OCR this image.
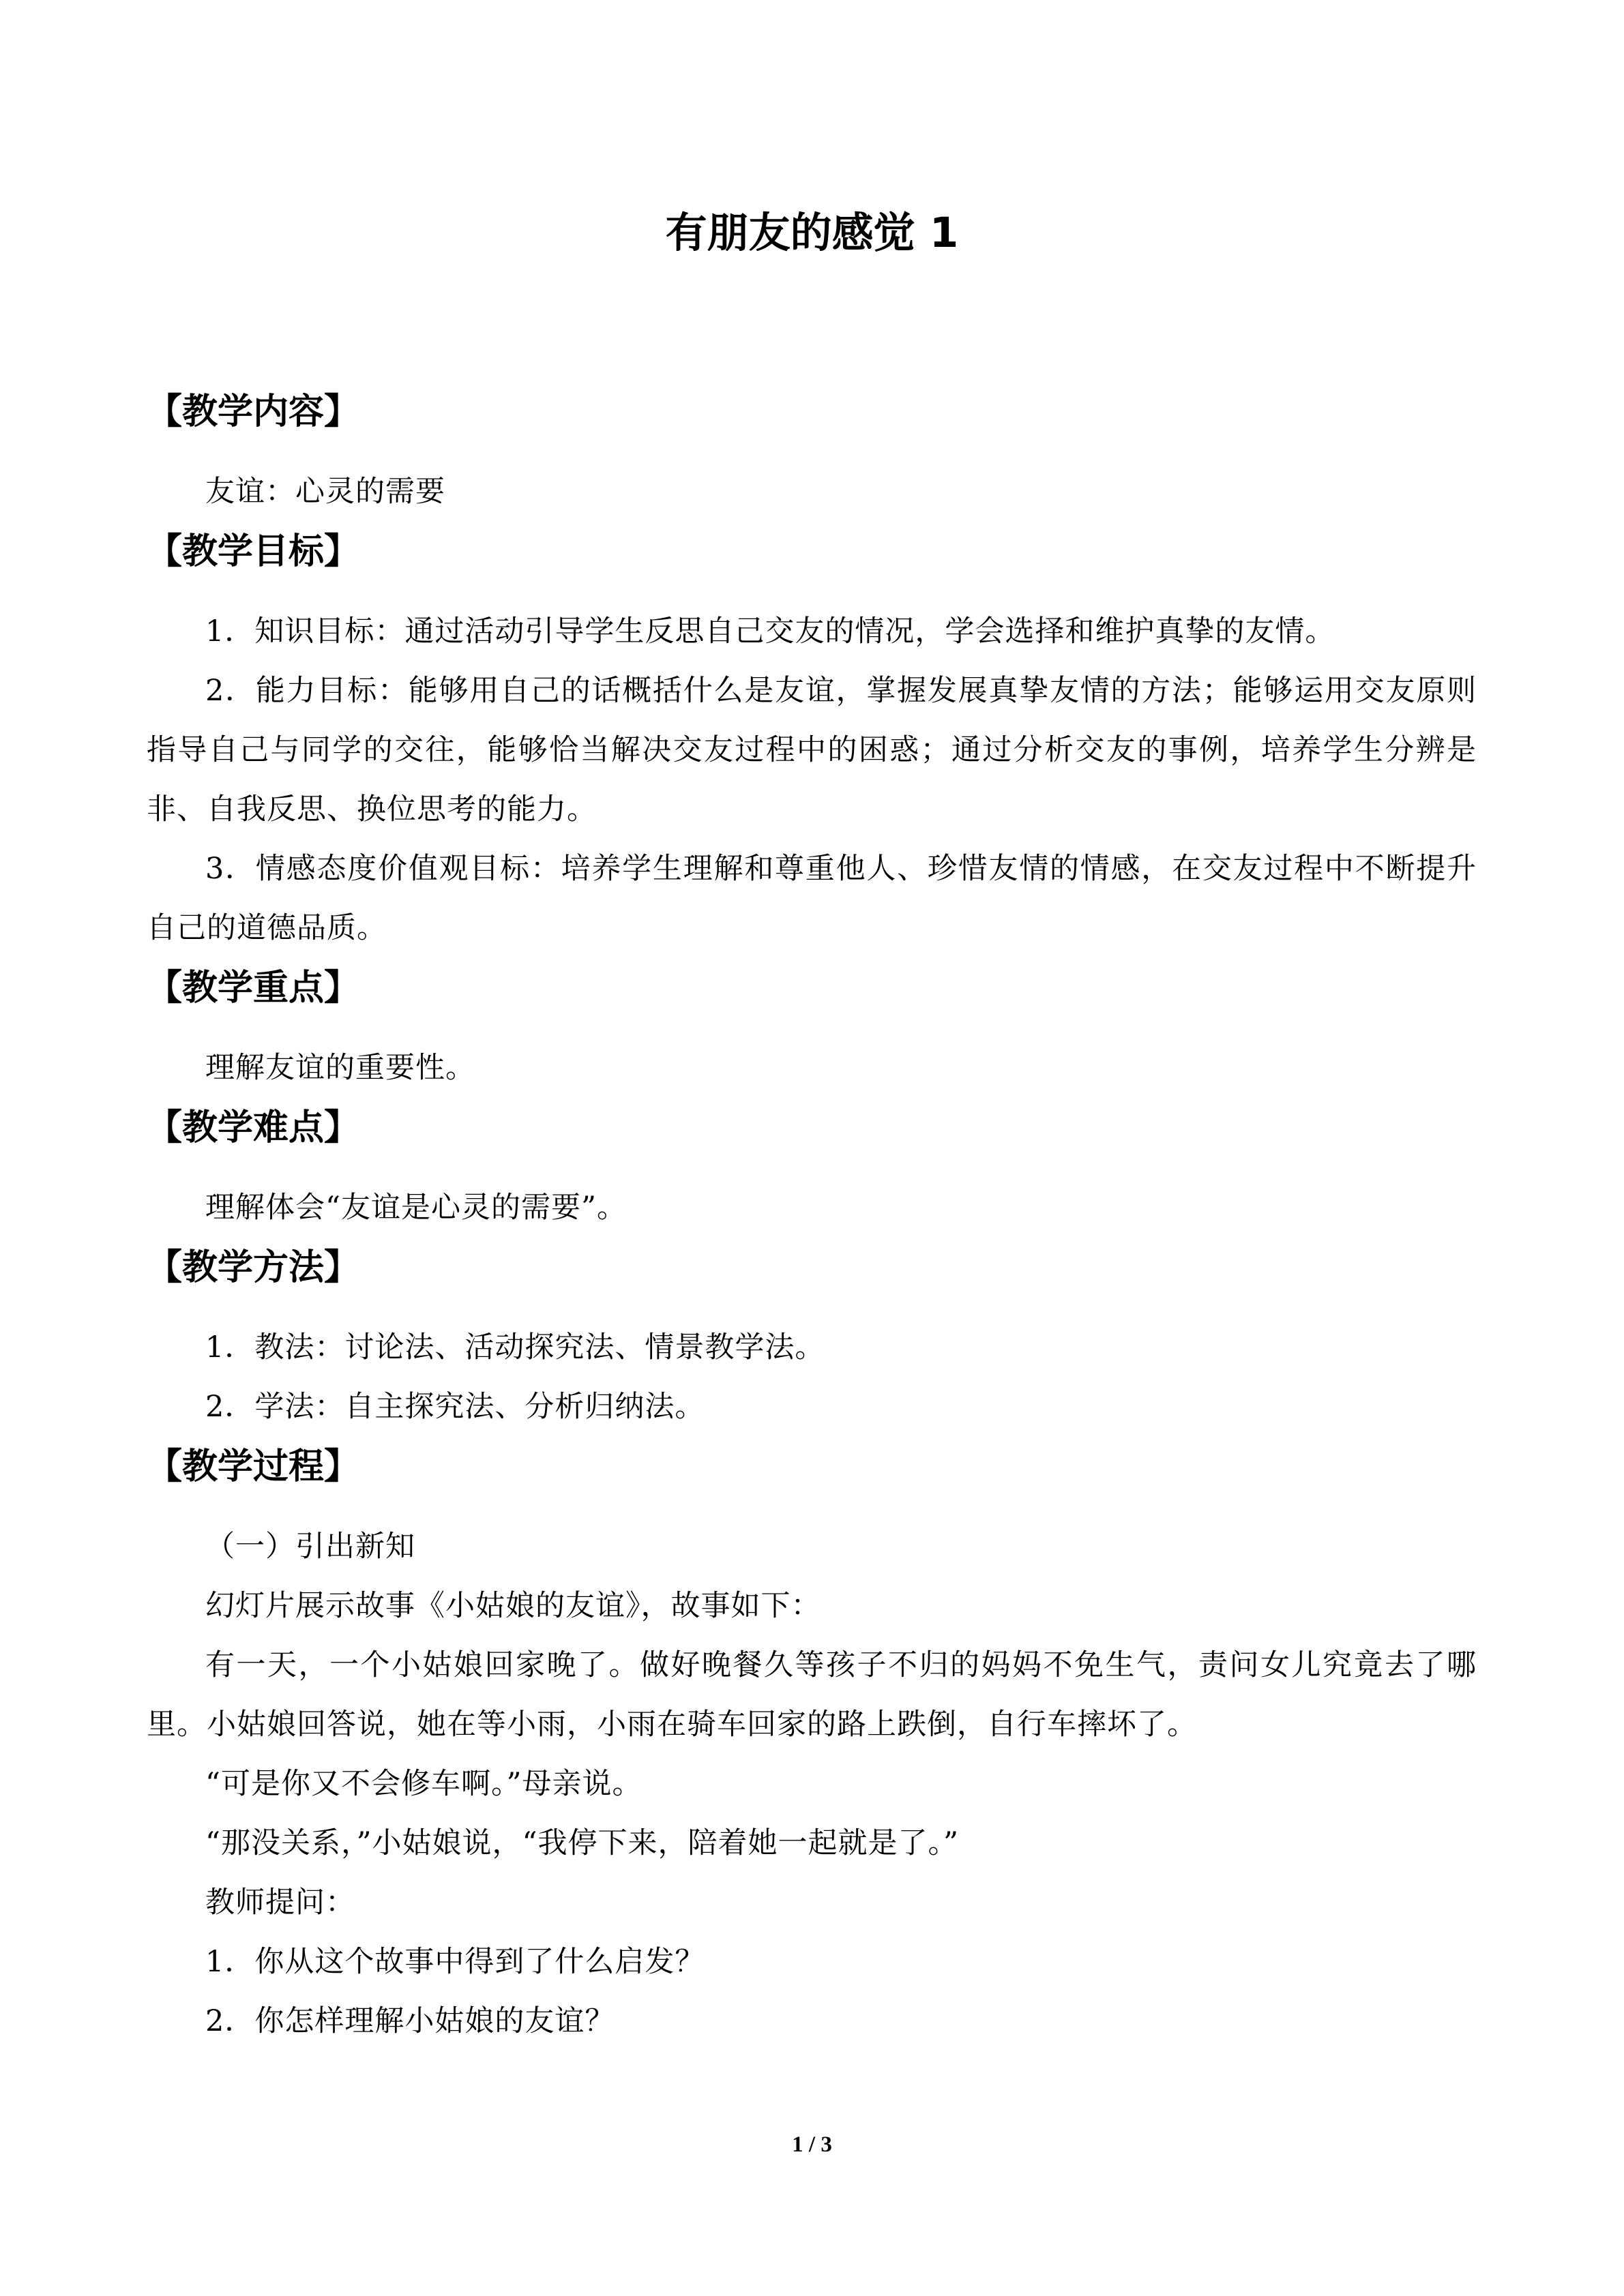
有朋友的感觉 1
【教学内容】

友谊：心灵的需要

【教学目标】

1．知识目标：通过活动引导学生反思自己交友的情况，学会选择和维护真挚的友情。

2．能力目标：能够用自己的话概括什么是友谊，掌握发展真挚友情的方法；能够运用交友原则指导自己与同学的交往，能够恰当解决交友过程中的困惑；通过分析交友的事例，培养学生分辨是非、自我反思、换位思考的能力。

3．情感态度价值观目标：培养学生理解和尊重他人、珍惜友情的情感，在交友过程中不断提升自己的道德品质。

【教学重点】

理解友谊的重要性。

【教学难点】

理解体会“友谊是心灵的需要”。

【教学方法】

1．教法：讨论法、活动探究法、情景教学法。

2．学法：自主探究法、分析归纳法。

【教学过程】

（一）引出新知

幻灯片展示故事《小姑娘的友谊》，故事如下：

有一天，一个小姑娘回家晚了。做好晚餐久等孩子不归的妈妈不免生气，责问女儿究竟去了哪里。小姑娘回答说，她在等小雨，小雨在骑车回家的路上跌倒，自行车摔坏了。

“可是你又不会修车啊。”母亲说。

“那没关系，”小姑娘说，“我停下来，陪着她一起就是了。”

教师提问：

1．你从这个故事中得到了什么启发？

2．你怎样理解小姑娘的友谊？

1 / 3
